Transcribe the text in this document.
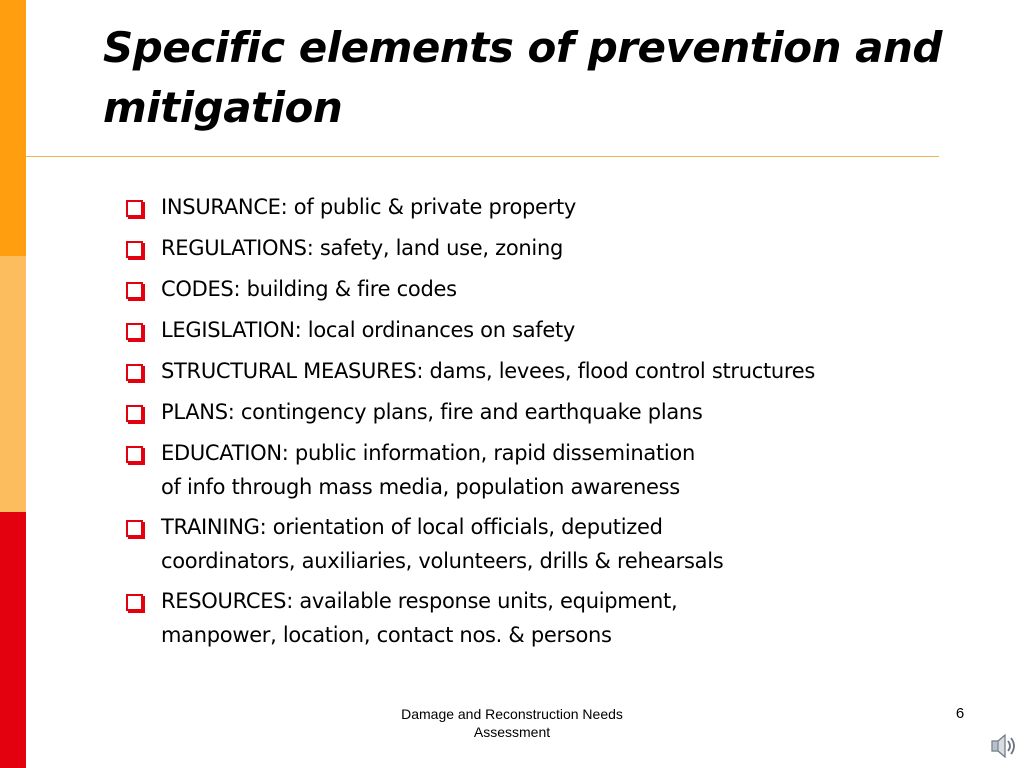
Specific elements of prevention and mitigation
INSURANCE: of public & private property
REGULATIONS: safety, land use, zoning
CODES: building & fire codes
LEGISLATION: local ordinances on safety
STRUCTURAL MEASURES: dams, levees, flood control structures
PLANS: contingency plans, fire and earthquake plans
EDUCATION: public information, rapid dissemination
of info through mass media, population awareness
TRAINING: orientation of local officials, deputized
coordinators, auxiliaries, volunteers, drills & rehearsals
RESOURCES: available response units, equipment,
manpower, location, contact nos. & persons
Damage and Reconstruction Needs
Assessment
6
